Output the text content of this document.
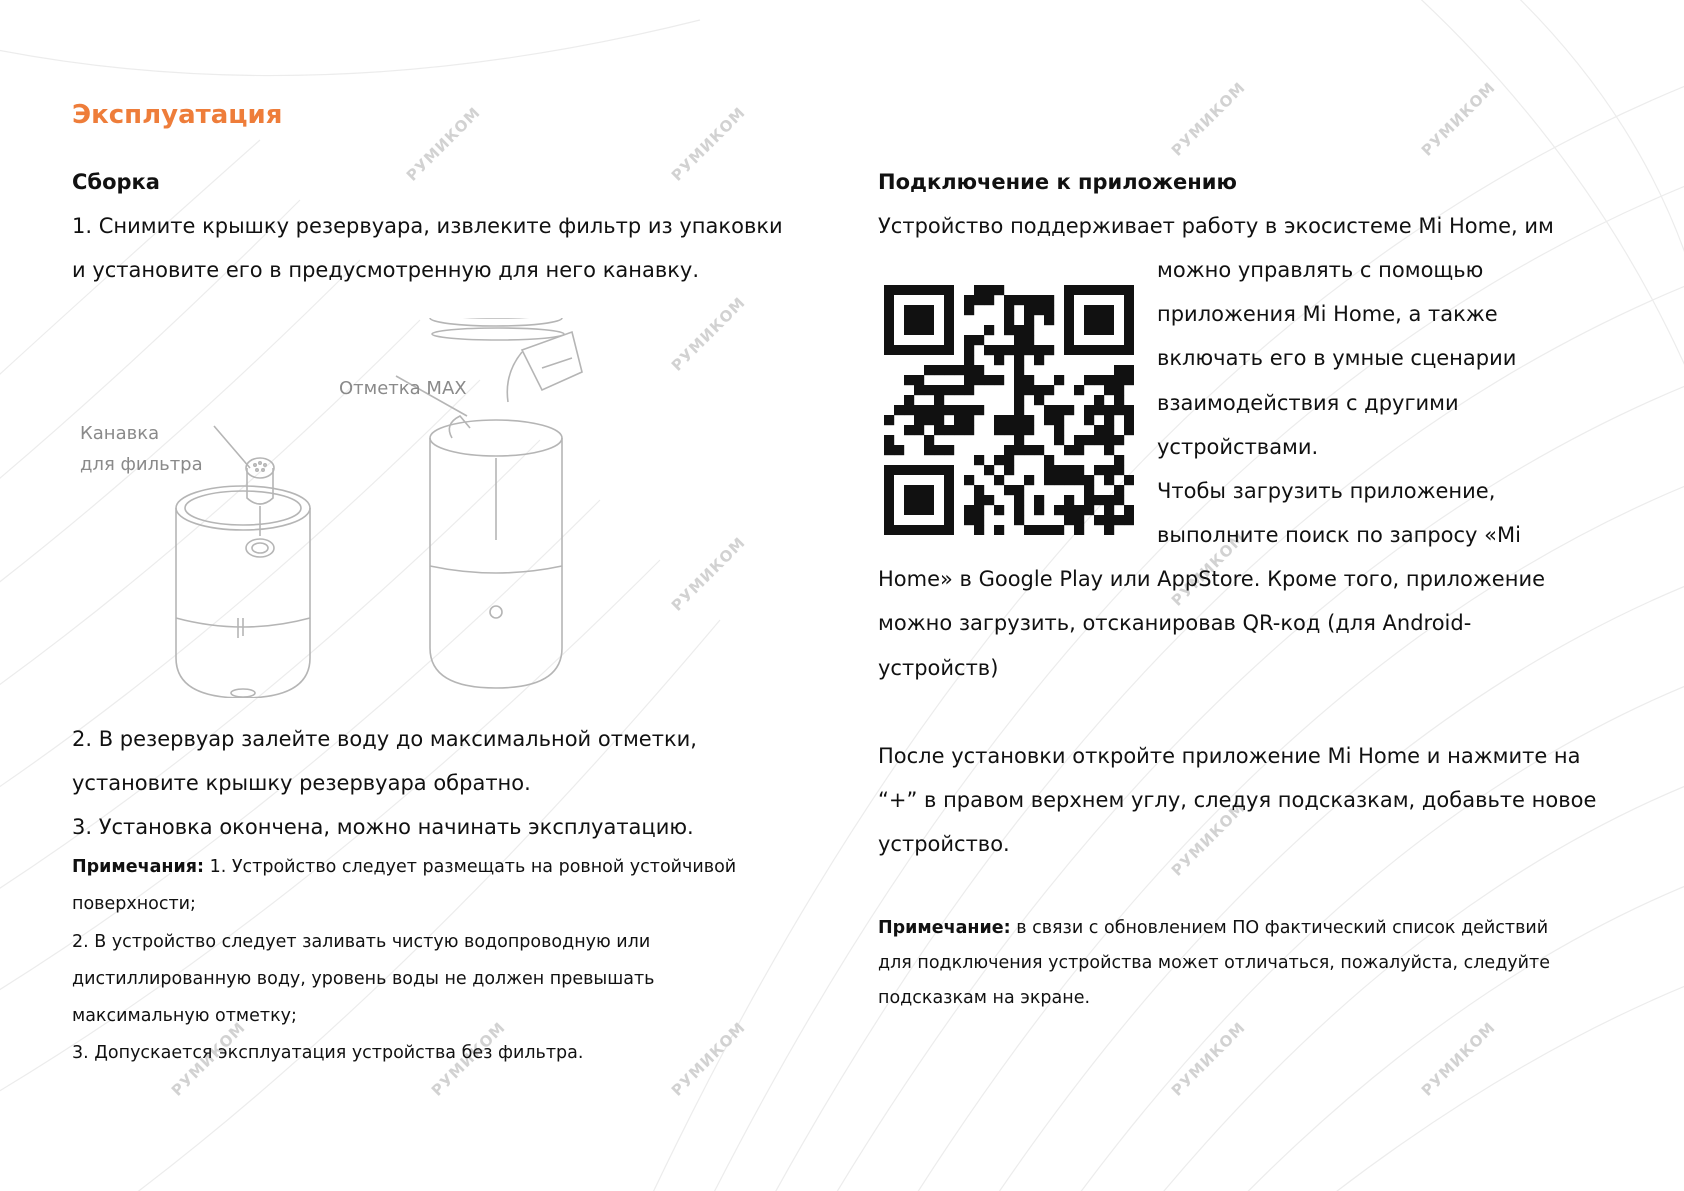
РУМИКОМ	РУМИКОМ	РУМИКОМ	РУМИКОМ
РУМИКОМ
РУМИКОМ	РУМИКОМ
РУМИКОМ
РУМИКОМ	РУМИКОМ	РУМИКОМ	РУМИКОМ	РУМИКОМ
Эксплуатация
Сборка
1. Снимите крышку резервуара, извлеките фильтр из упаковки
и установите его в предусмотренную для него канавку.
Отметка MAX
Канавка
для фильтра
2. В резервуар залейте воду до максимальной отметки,
установите крышку резервуара обратно.
3. Установка окончена, можно начинать эксплуатацию.
Примечания: 1. Устройство следует размещать на ровной устойчивой
поверхности;
2. В устройство следует заливать чистую водопроводную или
дистиллированную воду, уровень воды не должен превышать
максимальную отметку;
3. Допускается эксплуатация устройства без фильтра.
Подключение к приложению
Устройство поддерживает работу в экосистеме Mi Home, им
можно управлять с помощью
приложения Mi Home, а также
включать его в умные сценарии
взаимодействия с другими
устройствами.
Чтобы загрузить приложение,
выполните поиск по запросу «Mi
Home» в Google Play или AppStore. Кроме того, приложение
можно загрузить, отсканировав QR-код (для Android-
устройств)
После установки откройте приложение Mi Home и нажмите на
“+” в правом верхнем углу, следуя подсказкам, добавьте новое
устройство.
Примечание: в связи с обновлением ПО фактический список действий
для подключения устройства может отличаться, пожалуйста, следуйте
подсказкам на экране.
